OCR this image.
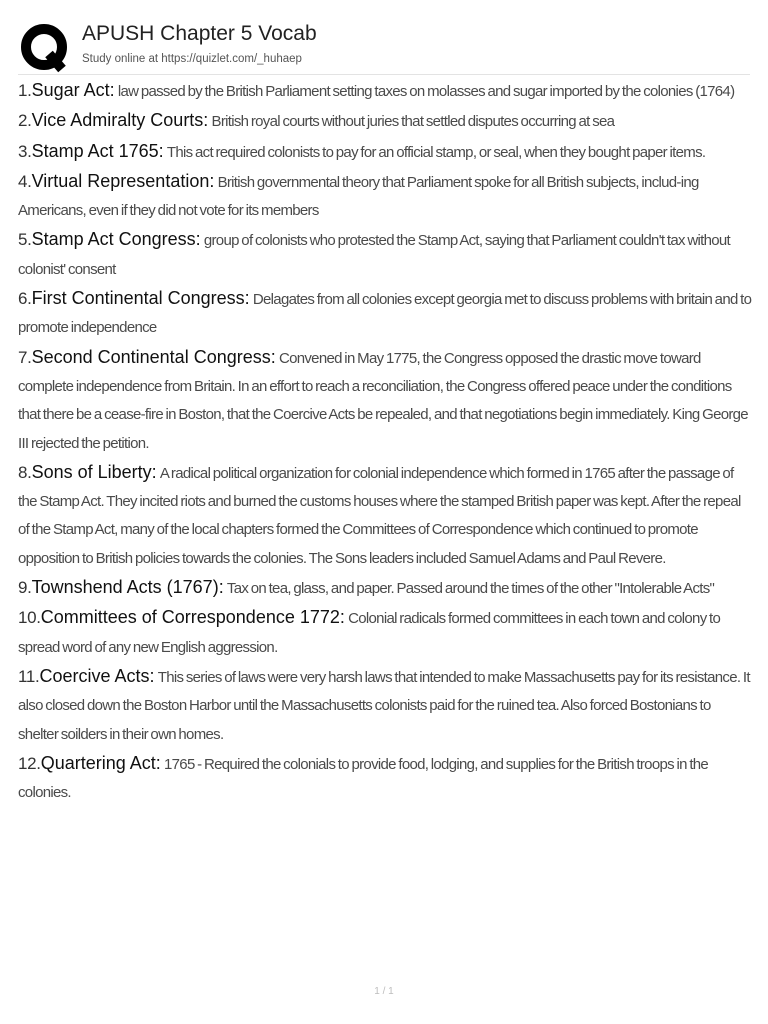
APUSH Chapter 5 Vocab
Study online at https://quizlet.com/_huhaep
1.Sugar Act: law passed by the British Parliament setting taxes on molasses and sugar imported by the colonies (1764)
2.Vice Admiralty Courts: British royal courts without juries that settled disputes occurring at sea
3.Stamp Act 1765: This act required colonists to pay for an official stamp, or seal, when they bought paper items.
4.Virtual Representation: British governmental theory that Parliament spoke for all British subjects, includ-ing Americans, even if they did not vote for its members
5.Stamp Act Congress: group of colonists who protested the Stamp Act, saying that Parliament couldn't tax without colonist' consent
6.First Continental Congress: Delagates from all colonies except georgia met to discuss problems with britain and to promote independence
7.Second Continental Congress: Convened in May 1775, the Congress opposed the drastic move toward complete independence from Britain. In an effort to reach a reconciliation, the Congress offered peace under the conditions that there be a cease-fire in Boston, that the Coercive Acts be repealed, and that negotiations begin immediately. King George III rejected the petition.
8.Sons of Liberty: A radical political organization for colonial independence which formed in 1765 after the passage of the Stamp Act. They incited riots and burned the customs houses where the stamped British paper was kept. After the repeal of the Stamp Act, many of the local chapters formed the Committees of Correspondence which continued to promote opposition to British policies towards the colonies. The Sons leaders included Samuel Adams and Paul Revere.
9.Townshend Acts (1767): Tax on tea, glass, and paper. Passed around the times of the other "Intolerable Acts"
10.Committees of Correspondence 1772: Colonial radicals formed committees in each town and colony to spread word of any new English aggression.
11.Coercive Acts: This series of laws were very harsh laws that intended to make Massachusetts pay for its resistance. It also closed down the Boston Harbor until the Massachusetts colonists paid for the ruined tea. Also forced Bostonians to shelter soilders in their own homes.
12.Quartering Act: 1765 - Required the colonials to provide food, lodging, and supplies for the British troops in the colonies.
1 / 1
